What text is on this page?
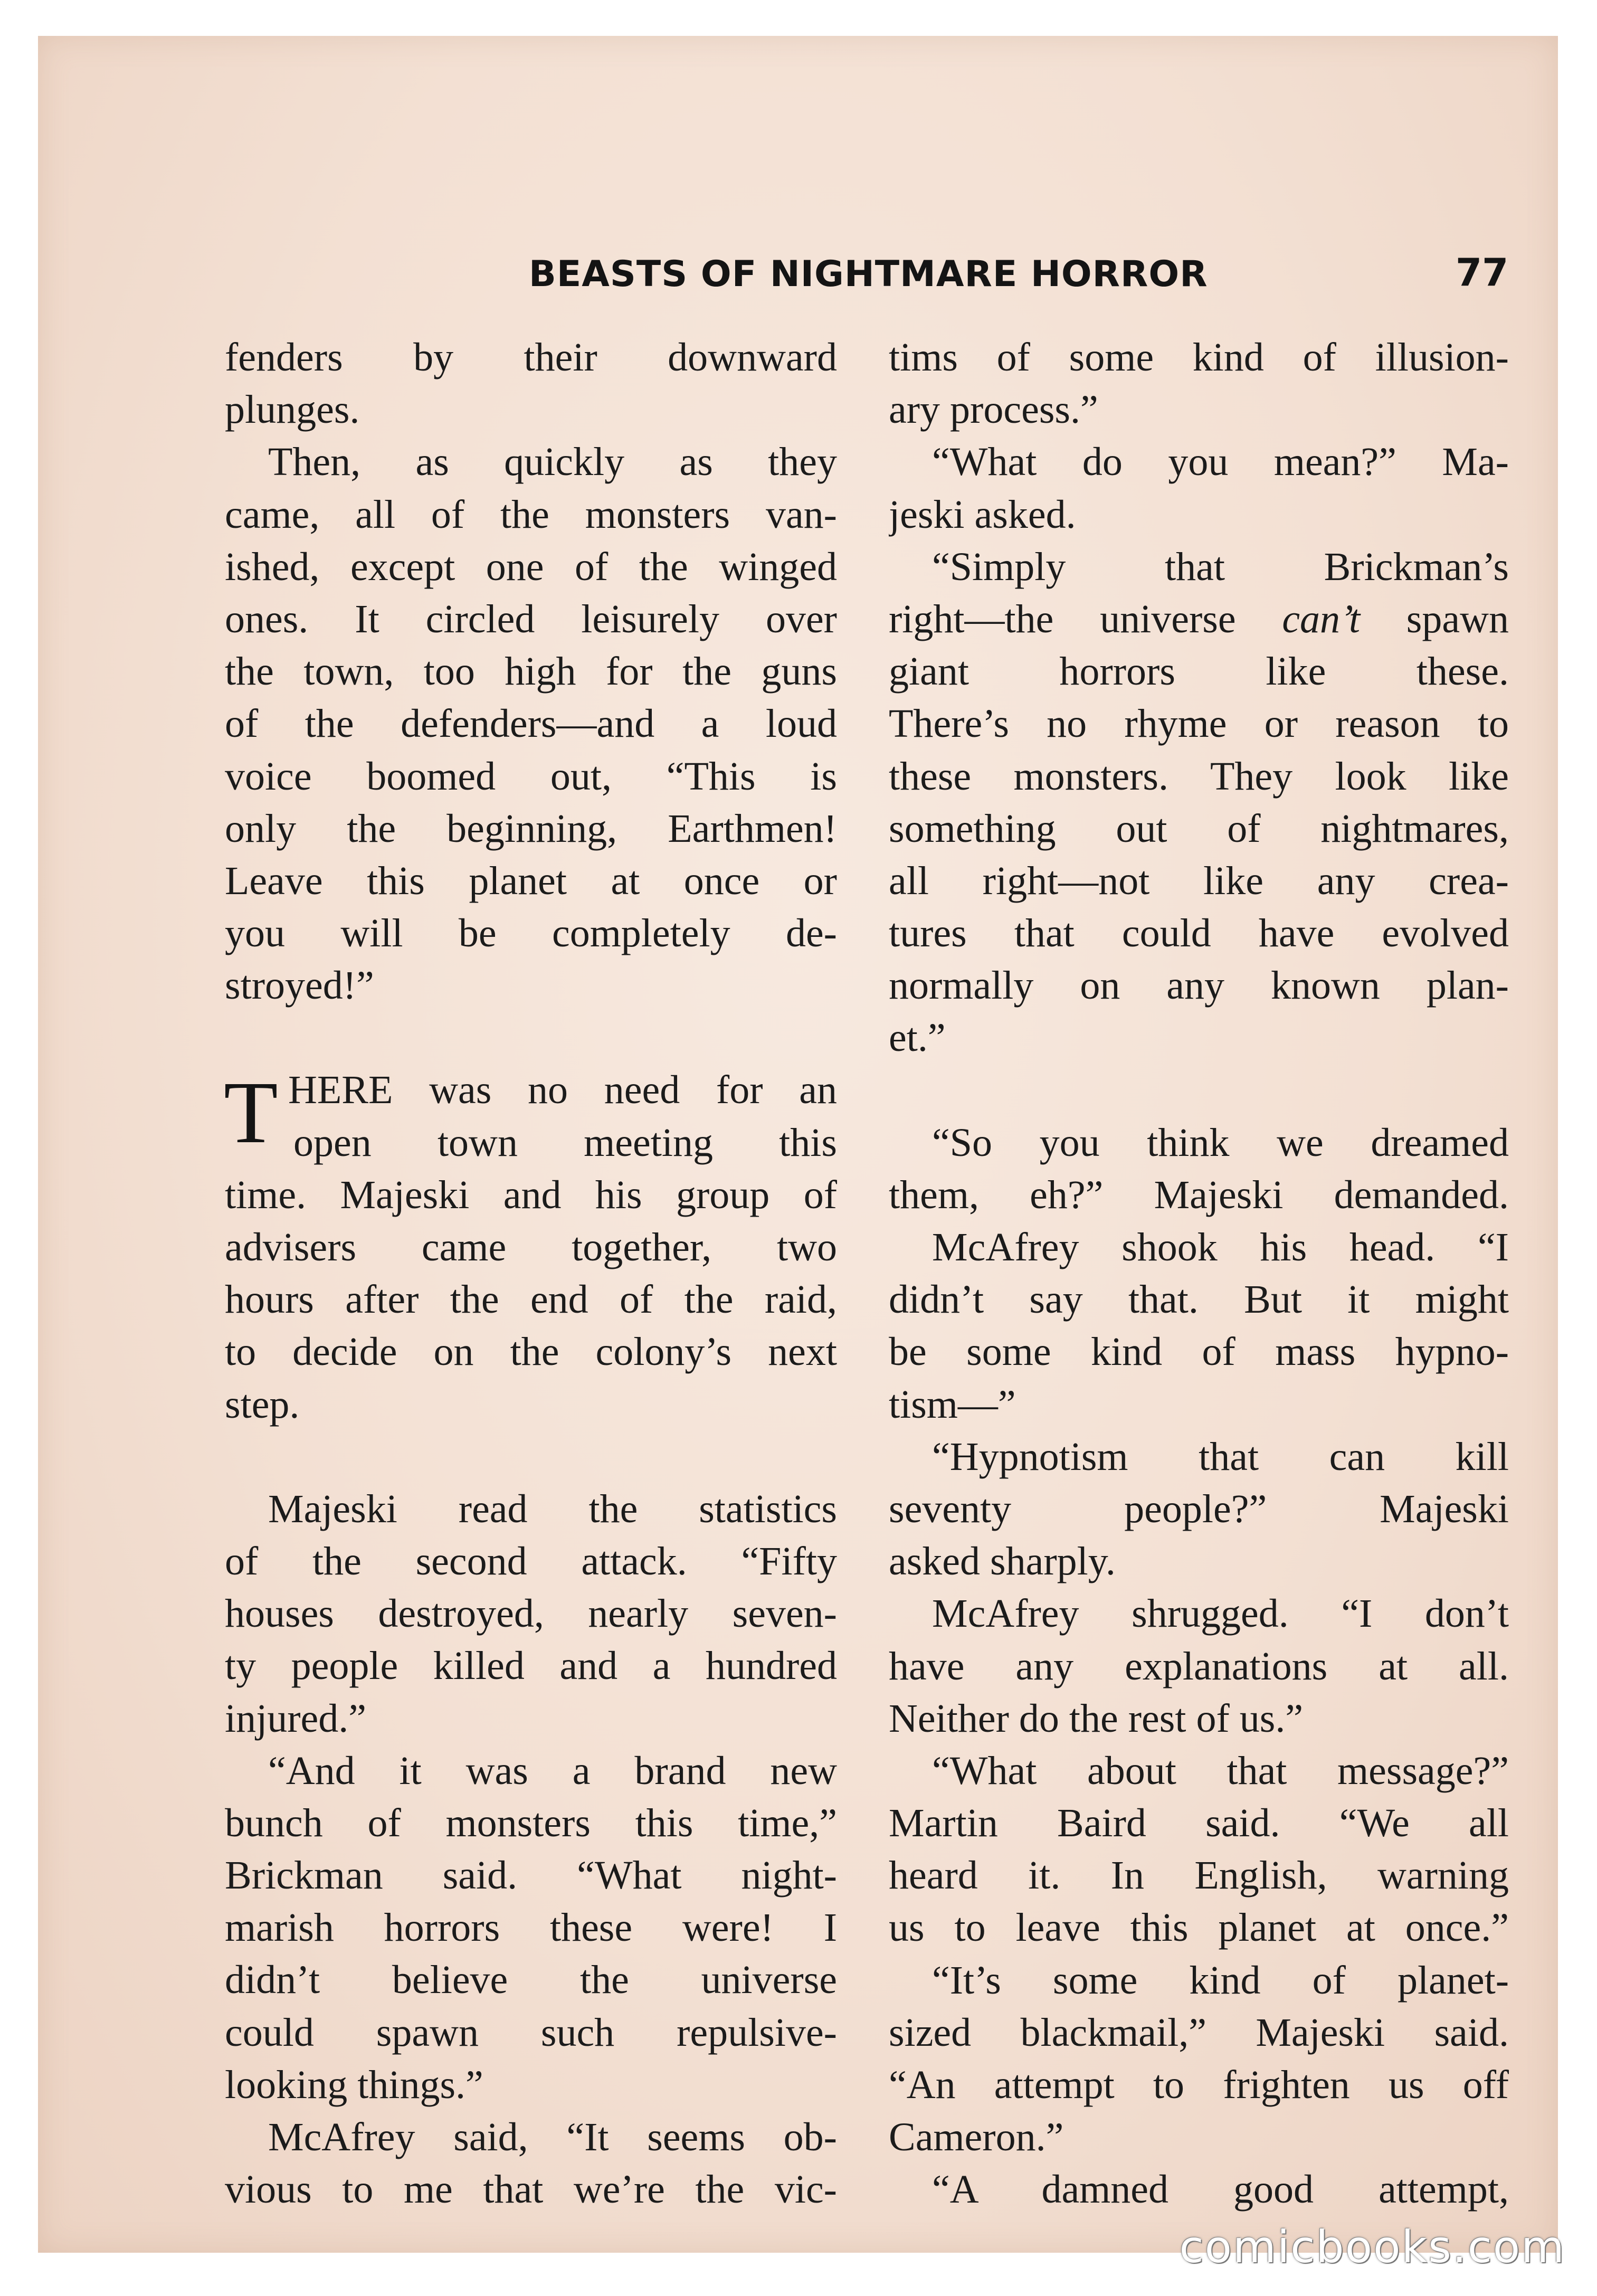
BEASTS OF NIGHTMARE HORROR	77
fenders by their downward
plunges.
Then, as quickly as they
came, all of the monsters van-
ished, except one of the winged
ones. It circled leisurely over
the town, too high for the guns
of the defenders—and a loud
voice boomed out, “This is
only the beginning, Earthmen!
Leave this planet at once or
you will be completely de-
stroyed!”
T HERE was no need for an
open town meeting this
time. Majeski and his group of
advisers came together, two
hours after the end of the raid,
to decide on the colony’s next
step.
Majeski read the statistics
of the second attack. “Fifty
houses destroyed, nearly seven-
ty people killed and a hundred
injured.”
“And it was a brand new
bunch of monsters this time,”
Brickman said. “What night-
marish horrors these were! I
didn’t believe the universe
could spawn such repulsive-
looking things.”
McAfrey said, “It seems ob-
vious to me that we’re the vic-
tims of some kind of illusion-
ary process.”
“What do you mean?” Ma-
jeski asked.
“Simply that Brickman’s
right—the universe can’t spawn
giant horrors like these.
There’s no rhyme or reason to
these monsters. They look like
something out of nightmares,
all right—not like any crea-
tures that could have evolved
normally on any known plan-
et.”
“So you think we dreamed
them, eh?” Majeski demanded.
McAfrey shook his head. “I
didn’t say that. But it might
be some kind of mass hypno-
tism—”
“Hypnotism that can kill
seventy people?” Majeski
asked sharply.
McAfrey shrugged. “I don’t
have any explanations at all.
Neither do the rest of us.”
“What about that message?”
Martin Baird said. “We all
heard it. In English, warning
us to leave this planet at once.”
“It’s some kind of planet-
sized blackmail,” Majeski said.
“An attempt to frighten us off
Cameron.”
“A damned good attempt,
comicbooks.com
